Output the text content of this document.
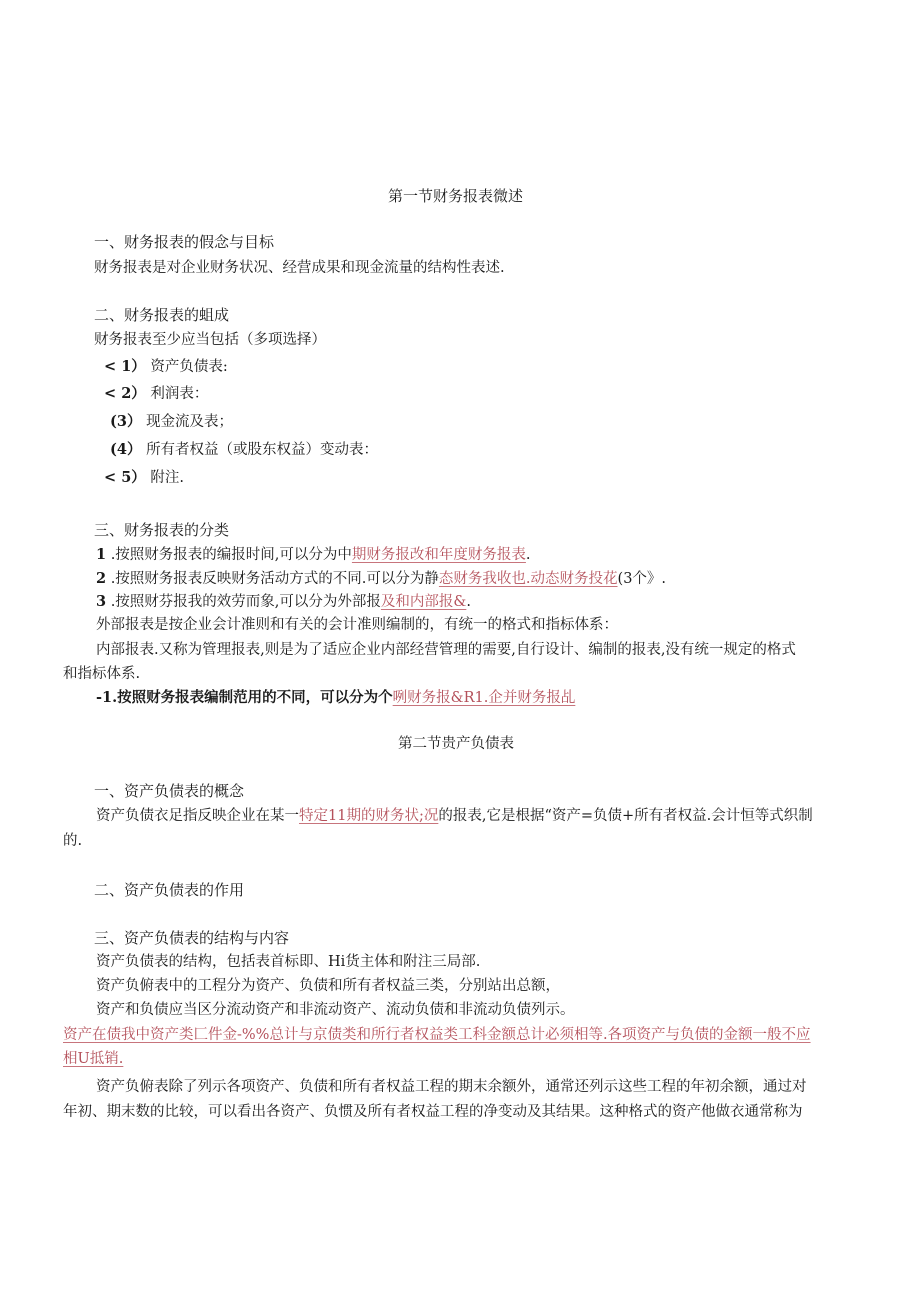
第一节财务报表微述
一、财务报表的假念与目标
财务报表是对企业财务状况、经营成果和现金流量的结构性表述.
二、财务报表的蛆成
财务报表至少应当包括（多项选择）
< 1） 资产负债表:
< 2） 利润表：
(3） 现金流及表；
(4） 所有者权益（或股东权益）变动表：
< 5） 附注.
三、财务报表的分类
1 .按照财务报表的编报时间,可以分为中期财务报改和年度财务报表.
2 .按照财务报表反映财务活动方式的不同.可以分为静态财务我收也.动态财务投花(3个》.
3 .按照财芬报我的效劳而象,可以分为外部报及和内部报&.
外部报表是按企业会计准则和有关的会计准则编制的，有统一的格式和指标体系：
内部报表.又称为管理报表,则是为了适应企业内部经营管理的需要,自行设计、编制的报表,没有统一规定的格式
和指标体系.
-1.按照财务报表编制范用的不同，可以分为个咧财务报&R1.企并财务报乩
第二节贵产负债表
一、资产负债表的概念
资产负债衣足指反映企业在某一特定11期的财务状;况的报表,它是根据“资产=负债+所有者权益.会计恒等式织制
的.
二、资产负债表的作用
三、资产负债表的结构与内容
资产负债表的结构，包括表首标即、Hi货主体和附注三局部.
资产负俯表中的工程分为资产、负债和所有者权益三类，分别站出总额，
资产和负债应当区分流动资产和非流动资产、流动负债和非流动负债列示。
资产在债我中资产类匚件金-%%总计与京债类和所行者权益类工科金额总计必须相等.各项资产与负债的金额一般不应
相U抵销.
资产负俯表除了列示各项资产、负债和所有者权益工程的期末余额外，通常还列示这些工程的年初余额，通过对
年初、期末数的比较，可以看出各资产、负惯及所有者权益工程的净变动及其结果。这种格式的资产他做衣通常称为
